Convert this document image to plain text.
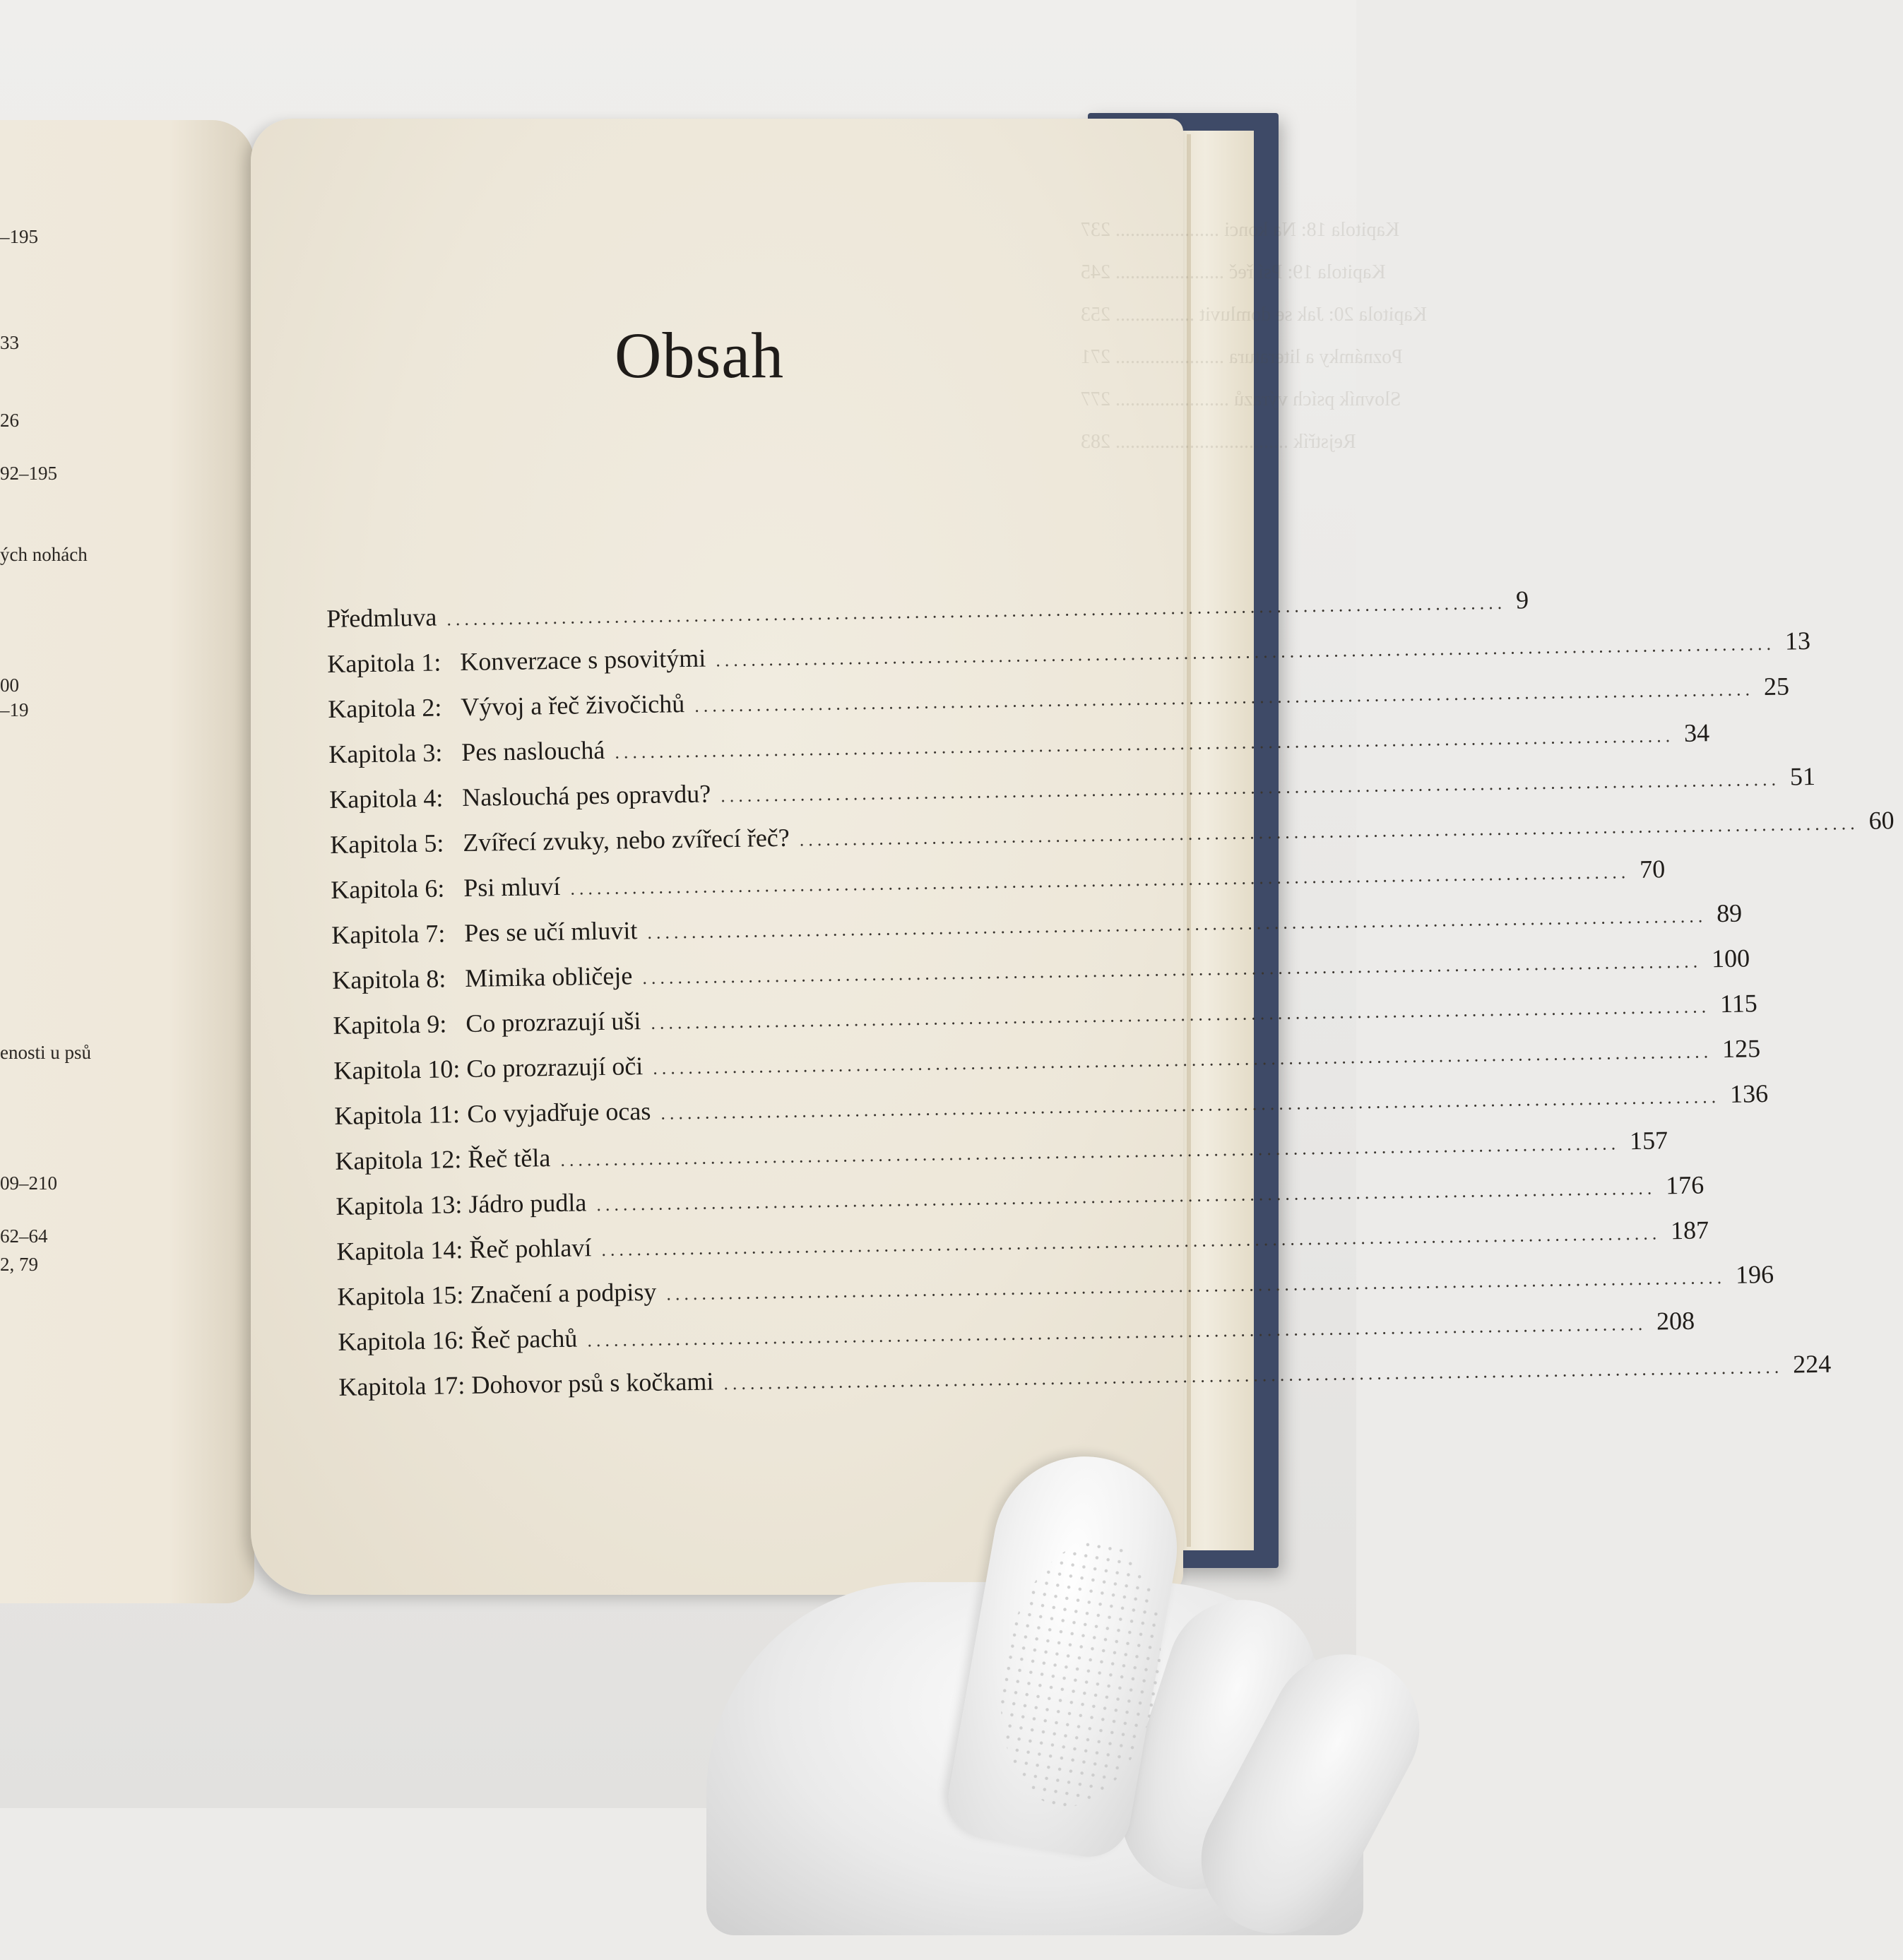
–195
33
26
92–195
ých nohách
00
–19
enosti u psů
09–210
62–64
2, 79
Kapitola 18: Na konci ..................... 237
Kapitola 19: Psí řeč ...................... 245
Kapitola 20: Jak se domluvit ................ 253
Poznámky a literatura ...................... 271
Slovník psích výrazů ....................... 277
Rejstřík ................................... 283
Obsah
Předmluva ........................................................................................................................ 9
Kapitola 1: Konverzace s psovitými ........................................................................................................................ 13
Kapitola 2: Vývoj a řeč živočichů ........................................................................................................................ 25
Kapitola 3: Pes naslouchá ........................................................................................................................ 34
Kapitola 4: Naslouchá pes opravdu? ........................................................................................................................ 51
Kapitola 5: Zvířecí zvuky, nebo zvířecí řeč? ........................................................................................................................ 60
Kapitola 6: Psi mluví ........................................................................................................................ 70
Kapitola 7: Pes se učí mluvit ........................................................................................................................ 89
Kapitola 8: Mimika obličeje ........................................................................................................................ 100
Kapitola 9: Co prozrazují uši ........................................................................................................................ 115
Kapitola 10: Co prozrazují oči ........................................................................................................................ 125
Kapitola 11: Co vyjadřuje ocas ........................................................................................................................ 136
Kapitola 12: Řeč těla ........................................................................................................................ 157
Kapitola 13: Jádro pudla ........................................................................................................................ 176
Kapitola 14: Řeč pohlaví ........................................................................................................................ 187
Kapitola 15: Značení a podpisy ........................................................................................................................ 196
Kapitola 16: Řeč pachů ........................................................................................................................ 208
Kapitola 17: Dohovor psů s kočkami ........................................................................................................................ 224
